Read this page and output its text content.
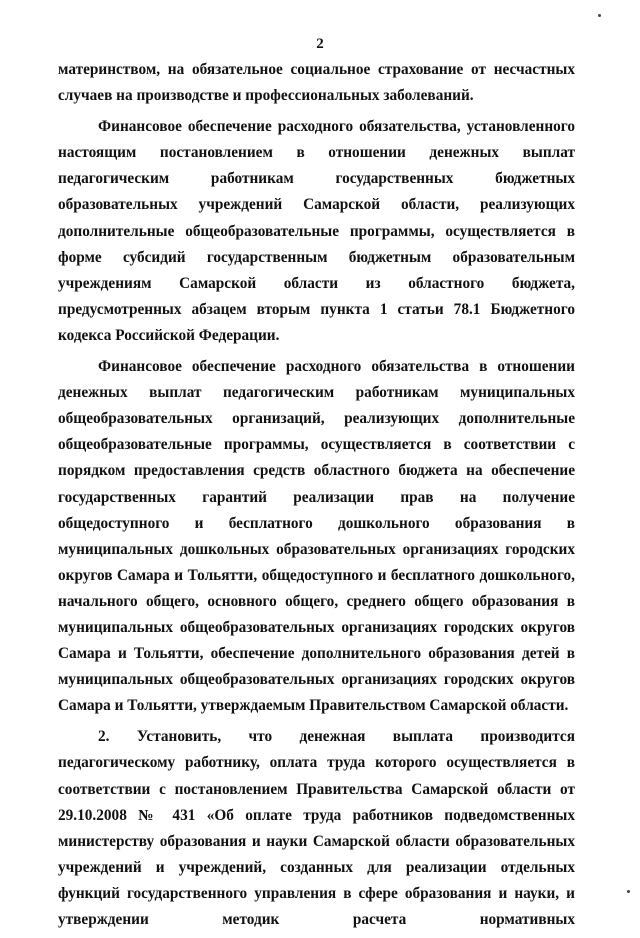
2

материнством, на обязательное социальное страхование от несчастных случаев на производстве и профессиональных заболеваний.

Финансовое обеспечение расходного обязательства, установленного настоящим постановлением в отношении денежных выплат педагогическим работникам государственных бюджетных образовательных учреждений Самарской области, реализующих дополнительные общеобразовательные программы, осуществляется в форме субсидий государственным бюджетным образовательным учреждениям Самарской области из областного бюджета, предусмотренных абзацем вторым пункта 1 статьи 78.1 Бюджетного кодекса Российской Федерации.

Финансовое обеспечение расходного обязательства в отношении денежных выплат педагогическим работникам муниципальных общеобразовательных организаций, реализующих дополнительные общеобразовательные программы, осуществляется в соответствии с порядком предоставления средств областного бюджета на обеспечение государственных гарантий реализации прав на получение общедоступного и бесплатного дошкольного образования в муниципальных дошкольных образовательных организациях городских округов Самара и Тольятти, общедоступного и бесплатного дошкольного, начального общего, основного общего, среднего общего образования в муниципальных общеобразовательных организациях городских округов Самара и Тольятти, обеспечение дополнительного образования детей в муниципальных общеобразовательных организациях городских округов Самара и Тольятти, утверждаемым Правительством Самарской области.

2. Установить, что денежная выплата производится педагогическому работнику, оплата труда которого осуществляется в соответствии с постановлением Правительства Самарской области от 29.10.2008 № 431 «Об оплате труда работников подведомственных министерству образования и науки Самарской области образовательных учреждений и учреждений, созданных для реализации отдельных функций государственного управления в сфере образования и науки, и утверждении методик расчета нормативных
